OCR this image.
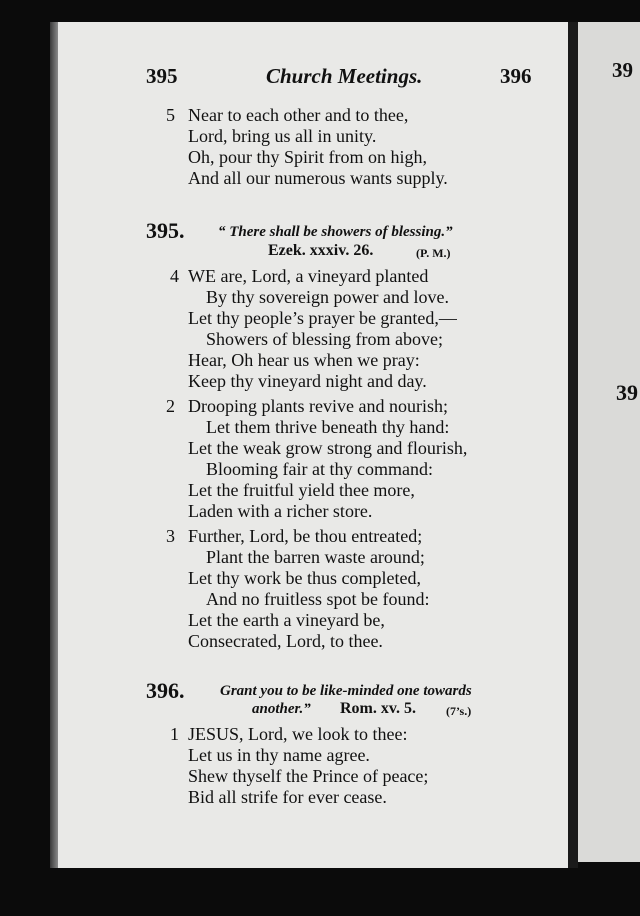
395	Church Meetings.	396	39
39
5 Near to each other and to thee,
Lord, bring us all in unity.
Oh, pour thy Spirit from on high,
And all our numerous wants supply.
395. “ There shall be showers of blessing.”
Ezek. xxxiv. 26.	(P. M.)
4 WE are, Lord, a vineyard planted
By thy sovereign power and love.
Let thy people’s prayer be granted,—
Showers of blessing from above;
Hear, Oh hear us when we pray:
Keep thy vineyard night and day.
2 Drooping plants revive and nourish;
Let them thrive beneath thy hand:
Let the weak grow strong and flourish,
Blooming fair at thy command:
Let the fruitful yield thee more,
Laden with a richer store.
3 Further, Lord, be thou entreated;
Plant the barren waste around;
Let thy work be thus completed,
And no fruitless spot be found:
Let the earth a vineyard be,
Consecrated, Lord, to thee.
396. Grant you to be like-minded one towards
another.” Rom. xv. 5.	(7’s.)
1 JESUS, Lord, we look to thee:
Let us in thy name agree.
Shew thyself the Prince of peace;
Bid all strife for ever cease.
